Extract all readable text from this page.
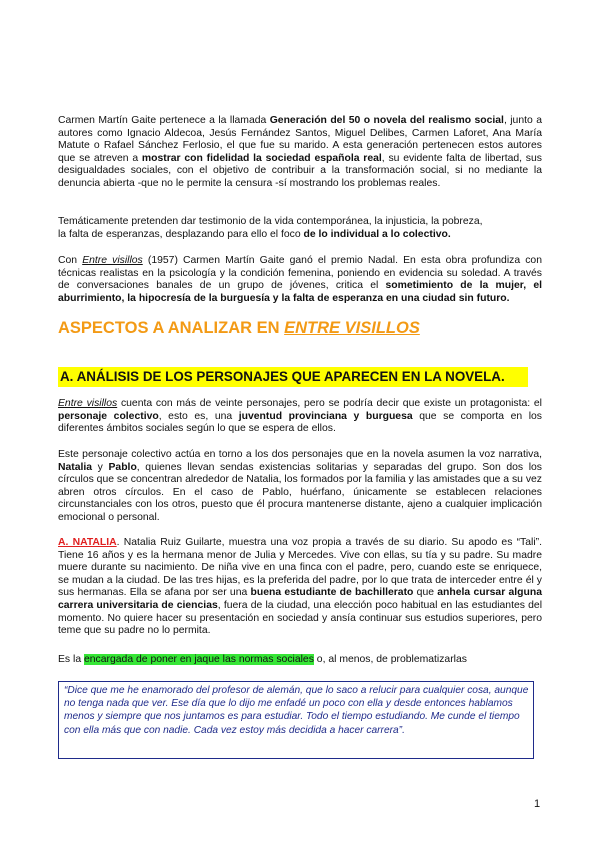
Carmen Martín Gaite pertenece a la llamada Generación del 50 o novela del realismo social, junto a autores como Ignacio Aldecoa, Jesús Fernández Santos, Miguel Delibes, Carmen Laforet, Ana María Matute o Rafael Sánchez Ferlosio, el que fue su marido. A esta generación pertenecen estos autores que se atreven a mostrar con fidelidad la sociedad española real, su evidente falta de libertad, sus desigualdades sociales, con el objetivo de contribuir a la transformación social, si no mediante la denuncia abierta -que no le permite la censura -sí mostrando los problemas reales.

Temáticamente pretenden dar testimonio de la vida contemporánea, la injusticia, la pobreza,
la falta de esperanzas, desplazando para ello el foco de lo individual a lo colectivo.

Con Entre visillos (1957) Carmen Martín Gaite ganó el premio Nadal. En esta obra profundiza con técnicas realistas en la psicología y la condición femenina, poniendo en evidencia su soledad. A través de conversaciones banales de un grupo de jóvenes, critica el sometimiento de la mujer, el aburrimiento, la hipocresía de la burguesía y la falta de esperanza en una ciudad sin futuro.

ASPECTOS A ANALIZAR EN ENTRE VISILLOS

A. ANÁLISIS DE LOS PERSONAJES QUE APARECEN EN LA NOVELA.

Entre visillos cuenta con más de veinte personajes, pero se podría decir que existe un protagonista: el personaje colectivo, esto es, una juventud provinciana y burguesa que se comporta en los diferentes ámbitos sociales según lo que se espera de ellos.

Este personaje colectivo actúa en torno a los dos personajes que en la novela asumen la voz narrativa, Natalia y Pablo, quienes llevan sendas existencias solitarias y separadas del grupo. Son dos los círculos que se concentran alrededor de Natalia, los formados por la familia y las amistades que a su vez abren otros círculos. En el caso de Pablo, huérfano, únicamente se establecen relaciones circunstanciales con los otros, puesto que él procura mantenerse distante, ajeno a cualquier implicación emocional o personal.

A. NATALIA. Natalia Ruiz Guilarte, muestra una voz propia a través de su diario. Su apodo es “Tali”. Tiene 16 años y es la hermana menor de Julia y Mercedes. Vive con ellas, su tía y su padre. Su madre muere durante su nacimiento. De niña vive en una finca con el padre, pero, cuando este se enriquece, se mudan a la ciudad. De las tres hijas, es la preferida del padre, por lo que trata de interceder entre él y sus hermanas. Ella se afana por ser una buena estudiante de bachillerato que anhela cursar alguna carrera universitaria de ciencias, fuera de la ciudad, una elección poco habitual en las estudiantes del momento. No quiere hacer su presentación en sociedad y ansía continuar sus estudios superiores, pero teme que su padre no lo permita.

Es la encargada de poner en jaque las normas sociales o, al menos, de problematizarlas

“Dice que me he enamorado del profesor de alemán, que lo saco a relucir para cualquier cosa, aunque no tenga nada que ver. Ese día que lo dijo me enfadé un poco con ella y desde entonces hablamos menos y siempre que nos juntamos es para estudiar. Todo el tiempo estudiando. Me cunde el tiempo con ella más que con nadie. Cada vez estoy más decidida a hacer carrera”.

1
